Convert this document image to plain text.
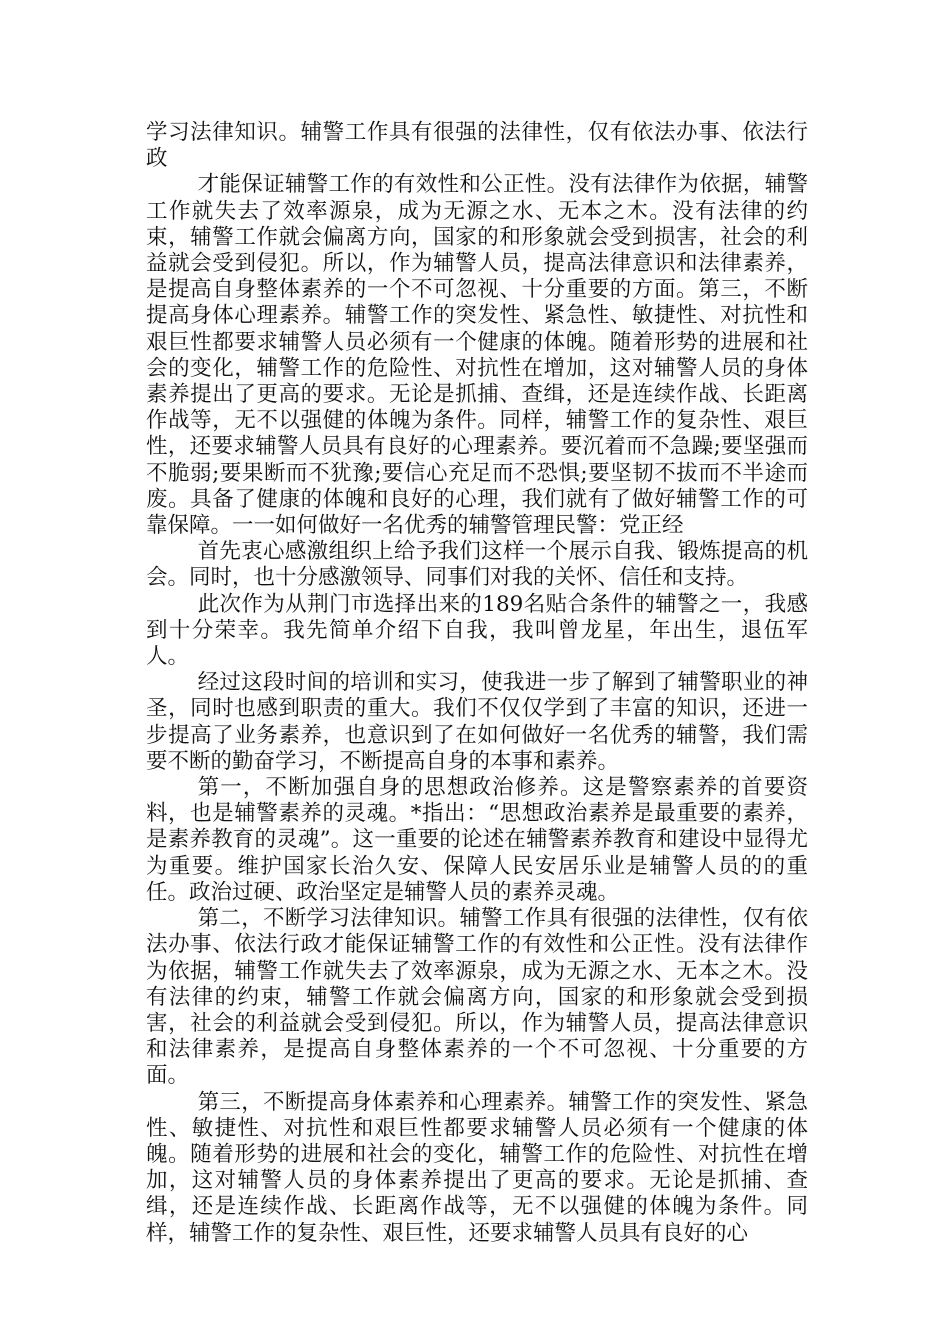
学习法律知识。辅警工作具有很强的法律性，仅有依法办事、依法行政

才能保证辅警工作的有效性和公正性。没有法律作为依据，辅警工作就失去了效率源泉，成为无源之水、无本之木。没有法律的约束，辅警工作就会偏离方向，国家的和形象就会受到损害，社会的利益就会受到侵犯。所以，作为辅警人员，提高法律意识和法律素养，是提高自身整体素养的一个不可忽视、十分重要的方面。第三，不断提高身体心理素养。辅警工作的突发性、紧急性、敏捷性、对抗性和艰巨性都要求辅警人员必须有一个健康的体魄。随着形势的进展和社会的变化，辅警工作的危险性、对抗性在增加，这对辅警人员的身体素养提出了更高的要求。无论是抓捕、查缉，还是连续作战、长距离作战等，无不以强健的体魄为条件。同样，辅警工作的复杂性、艰巨性，还要求辅警人员具有良好的心理素养。要沉着而不急躁;要坚强而不脆弱;要果断而不犹豫;要信心充足而不恐惧;要坚韧不拔而不半途而废。具备了健康的体魄和良好的心理，我们就有了做好辅警工作的可靠保障。一一如何做好一名优秀的辅警管理民警：党正经

首先衷心感激组织上给予我们这样一个展示自我、锻炼提高的机会。同时，也十分感激领导、同事们对我的关怀、信任和支持。

此次作为从荆门市选择出来的189名贴合条件的辅警之一，我感到十分荣幸。我先简单介绍下自我，我叫曾龙星，年出生，退伍军人。

经过这段时间的培训和实习，使我进一步了解到了辅警职业的神圣，同时也感到职责的重大。我们不仅仅学到了丰富的知识，还进一步提高了业务素养，也意识到了在如何做好一名优秀的辅警，我们需要不断的勤奋学习，不断提高自身的本事和素养。

第一，不断加强自身的思想政治修养。这是警察素养的首要资料，也是辅警素养的灵魂。*指出：“思想政治素养是最重要的素养，是素养教育的灵魂”。这一重要的论述在辅警素养教育和建设中显得尤为重要。维护国家长治久安、保障人民安居乐业是辅警人员的的重任。政治过硬、政治坚定是辅警人员的素养灵魂。

第二，不断学习法律知识。辅警工作具有很强的法律性，仅有依法办事、依法行政才能保证辅警工作的有效性和公正性。没有法律作为依据，辅警工作就失去了效率源泉，成为无源之水、无本之木。没有法律的约束，辅警工作就会偏离方向，国家的和形象就会受到损害，社会的利益就会受到侵犯。所以，作为辅警人员，提高法律意识和法律素养，是提高自身整体素养的一个不可忽视、十分重要的方面。

第三，不断提高身体素养和心理素养。辅警工作的突发性、紧急性、敏捷性、对抗性和艰巨性都要求辅警人员必须有一个健康的体魄。随着形势的进展和社会的变化，辅警工作的危险性、对抗性在增加，这对辅警人员的身体素养提出了更高的要求。无论是抓捕、查缉，还是连续作战、长距离作战等，无不以强健的体魄为条件。同样，辅警工作的复杂性、艰巨性，还要求辅警人员具有良好的心
